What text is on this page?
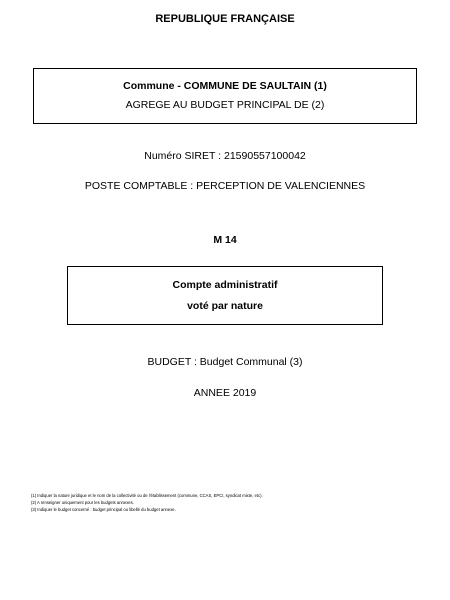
REPUBLIQUE FRANÇAISE
Commune - COMMUNE DE SAULTAIN (1)
AGREGE AU BUDGET PRINCIPAL DE (2)
Numéro SIRET : 21590557100042
POSTE COMPTABLE : PERCEPTION DE VALENCIENNES
M 14
Compte administratif
voté par nature
BUDGET : Budget Communal (3)
ANNEE 2019
(1) Indiquer la nature juridique et le nom de la collectivité ou de l'établissement (commune, CCAS, EPCI, syndicat mixte, etc).
(2) A renseigner uniquement pour les budgets annexes.
(3) Indiquer le budget concerné : budget principal ou libellé du budget annexe.
